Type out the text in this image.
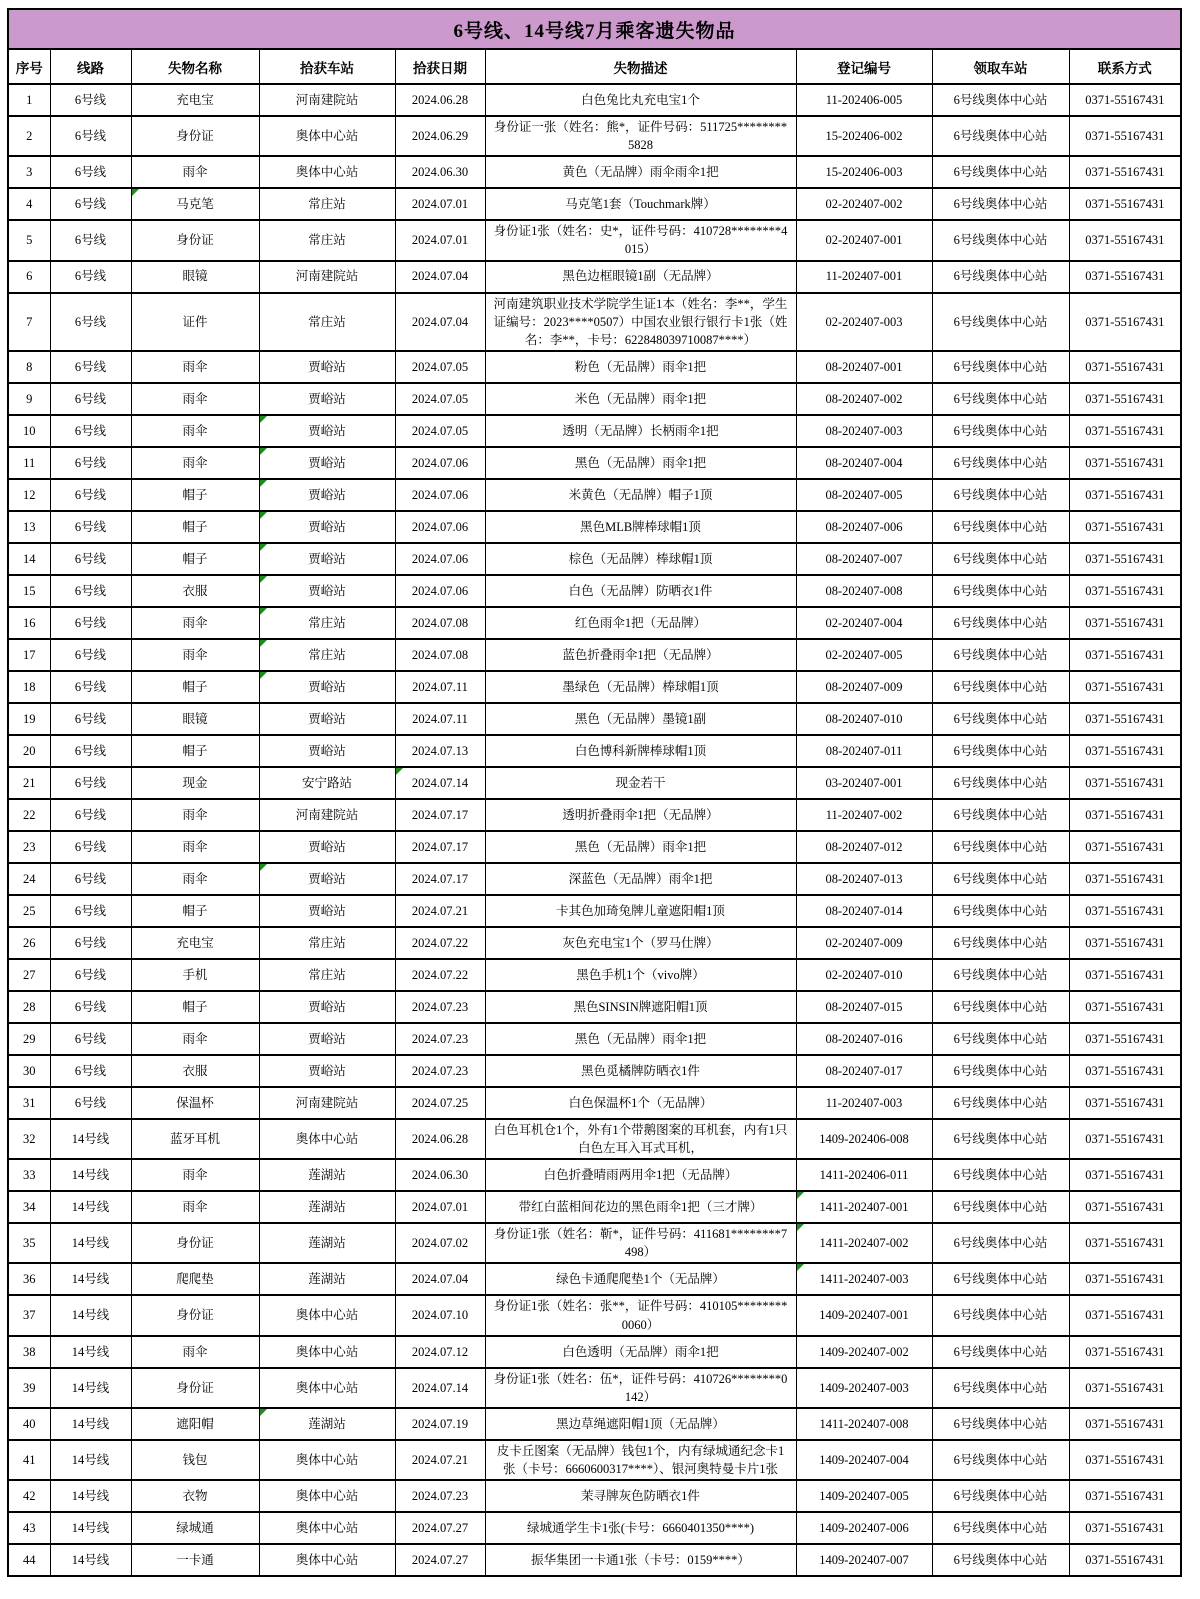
6号线、14号线7月乘客遗失物品								
序号	线路	失物名称	拾获车站	拾获日期	失物描述	登记编号	领取车站	联系方式
1	6号线	充电宝	河南建院站	2024.06.28	白色兔比丸充电宝1个	11-202406-005	6号线奥体中心站	0371-55167431
2	6号线	身份证	奥体中心站	2024.06.29	身份证一张（姓名：熊*，证件号码：511725********5828	15-202406-002	6号线奥体中心站	0371-55167431
3	6号线	雨伞	奥体中心站	2024.06.30	黄色（无品牌）雨伞雨伞1把	15-202406-003	6号线奥体中心站	0371-55167431
4	6号线	马克笔	常庄站	2024.07.01	马克笔1套（Touchmark牌）	02-202407-002	6号线奥体中心站	0371-55167431
5	6号线	身份证	常庄站	2024.07.01	身份证1张（姓名：史*，证件号码：410728********4015）	02-202407-001	6号线奥体中心站	0371-55167431
6	6号线	眼镜	河南建院站	2024.07.04	黑色边框眼镜1副（无品牌）	11-202407-001	6号线奥体中心站	0371-55167431
7	6号线	证件	常庄站	2024.07.04	河南建筑职业技术学院学生证1本（姓名：李**，学生证编号：2023****0507）中国农业银行银行卡1张（姓名：李**，卡号：622848039710087****）	02-202407-003	6号线奥体中心站	0371-55167431
8	6号线	雨伞	贾峪站	2024.07.05	粉色（无品牌）雨伞1把	08-202407-001	6号线奥体中心站	0371-55167431
9	6号线	雨伞	贾峪站	2024.07.05	米色（无品牌）雨伞1把	08-202407-002	6号线奥体中心站	0371-55167431
10	6号线	雨伞	贾峪站	2024.07.05	透明（无品牌）长柄雨伞1把	08-202407-003	6号线奥体中心站	0371-55167431
11	6号线	雨伞	贾峪站	2024.07.06	黑色（无品牌）雨伞1把	08-202407-004	6号线奥体中心站	0371-55167431
12	6号线	帽子	贾峪站	2024.07.06	米黄色（无品牌）帽子1顶	08-202407-005	6号线奥体中心站	0371-55167431
13	6号线	帽子	贾峪站	2024.07.06	黑色MLB牌棒球帽1顶	08-202407-006	6号线奥体中心站	0371-55167431
14	6号线	帽子	贾峪站	2024.07.06	棕色（无品牌）棒球帽1顶	08-202407-007	6号线奥体中心站	0371-55167431
15	6号线	衣服	贾峪站	2024.07.06	白色（无品牌）防晒衣1件	08-202407-008	6号线奥体中心站	0371-55167431
16	6号线	雨伞	常庄站	2024.07.08	红色雨伞1把（无品牌）	02-202407-004	6号线奥体中心站	0371-55167431
17	6号线	雨伞	常庄站	2024.07.08	蓝色折叠雨伞1把（无品牌）	02-202407-005	6号线奥体中心站	0371-55167431
18	6号线	帽子	贾峪站	2024.07.11	墨绿色（无品牌）棒球帽1顶	08-202407-009	6号线奥体中心站	0371-55167431
19	6号线	眼镜	贾峪站	2024.07.11	黑色（无品牌）墨镜1副	08-202407-010	6号线奥体中心站	0371-55167431
20	6号线	帽子	贾峪站	2024.07.13	白色博科新牌棒球帽1顶	08-202407-011	6号线奥体中心站	0371-55167431
21	6号线	现金	安宁路站	2024.07.14	现金若干	03-202407-001	6号线奥体中心站	0371-55167431
22	6号线	雨伞	河南建院站	2024.07.17	透明折叠雨伞1把（无品牌）	11-202407-002	6号线奥体中心站	0371-55167431
23	6号线	雨伞	贾峪站	2024.07.17	黑色（无品牌）雨伞1把	08-202407-012	6号线奥体中心站	0371-55167431
24	6号线	雨伞	贾峪站	2024.07.17	深蓝色（无品牌）雨伞1把	08-202407-013	6号线奥体中心站	0371-55167431
25	6号线	帽子	贾峪站	2024.07.21	卡其色加琦兔牌儿童遮阳帽1顶	08-202407-014	6号线奥体中心站	0371-55167431
26	6号线	充电宝	常庄站	2024.07.22	灰色充电宝1个（罗马仕牌）	02-202407-009	6号线奥体中心站	0371-55167431
27	6号线	手机	常庄站	2024.07.22	黑色手机1个（vivo牌）	02-202407-010	6号线奥体中心站	0371-55167431
28	6号线	帽子	贾峪站	2024.07.23	黑色SINSIN牌遮阳帽1顶	08-202407-015	6号线奥体中心站	0371-55167431
29	6号线	雨伞	贾峪站	2024.07.23	黑色（无品牌）雨伞1把	08-202407-016	6号线奥体中心站	0371-55167431
30	6号线	衣服	贾峪站	2024.07.23	黑色觅橘牌防晒衣1件	08-202407-017	6号线奥体中心站	0371-55167431
31	6号线	保温杯	河南建院站	2024.07.25	白色保温杯1个（无品牌）	11-202407-003	6号线奥体中心站	0371-55167431
32	14号线	蓝牙耳机	奥体中心站	2024.06.28	白色耳机仓1个，外有1个带鹅图案的耳机套，内有1只白色左耳入耳式耳机，	1409-202406-008	6号线奥体中心站	0371-55167431
33	14号线	雨伞	莲湖站	2024.06.30	白色折叠晴雨两用伞1把（无品牌）	1411-202406-011	6号线奥体中心站	0371-55167431
34	14号线	雨伞	莲湖站	2024.07.01	带红白蓝相间花边的黑色雨伞1把（三才牌）	1411-202407-001	6号线奥体中心站	0371-55167431
35	14号线	身份证	莲湖站	2024.07.02	身份证1张（姓名：靳*，证件号码：411681********7498）	1411-202407-002	6号线奥体中心站	0371-55167431
36	14号线	爬爬垫	莲湖站	2024.07.04	绿色卡通爬爬垫1个（无品牌）	1411-202407-003	6号线奥体中心站	0371-55167431
37	14号线	身份证	奥体中心站	2024.07.10	身份证1张（姓名：张**，证件号码：410105********0060）	1409-202407-001	6号线奥体中心站	0371-55167431
38	14号线	雨伞	奥体中心站	2024.07.12	白色透明（无品牌）雨伞1把	1409-202407-002	6号线奥体中心站	0371-55167431
39	14号线	身份证	奥体中心站	2024.07.14	身份证1张（姓名：伍*，证件号码：410726********0142）	1409-202407-003	6号线奥体中心站	0371-55167431
40	14号线	遮阳帽	莲湖站	2024.07.19	黑边草绳遮阳帽1顶（无品牌）	1411-202407-008	6号线奥体中心站	0371-55167431
41	14号线	钱包	奥体中心站	2024.07.21	皮卡丘图案（无品牌）钱包1个，内有绿城通纪念卡1张（卡号：6660600317****）、银河奥特曼卡片1张	1409-202407-004	6号线奥体中心站	0371-55167431
42	14号线	衣物	奥体中心站	2024.07.23	茉寻牌灰色防晒衣1件	1409-202407-005	6号线奥体中心站	0371-55167431
43	14号线	绿城通	奥体中心站	2024.07.27	绿城通学生卡1张(卡号：6660401350****)	1409-202407-006	6号线奥体中心站	0371-55167431
44	14号线	一卡通	奥体中心站	2024.07.27	振华集团一卡通1张（卡号：0159****）	1409-202407-007	6号线奥体中心站	0371-55167431
